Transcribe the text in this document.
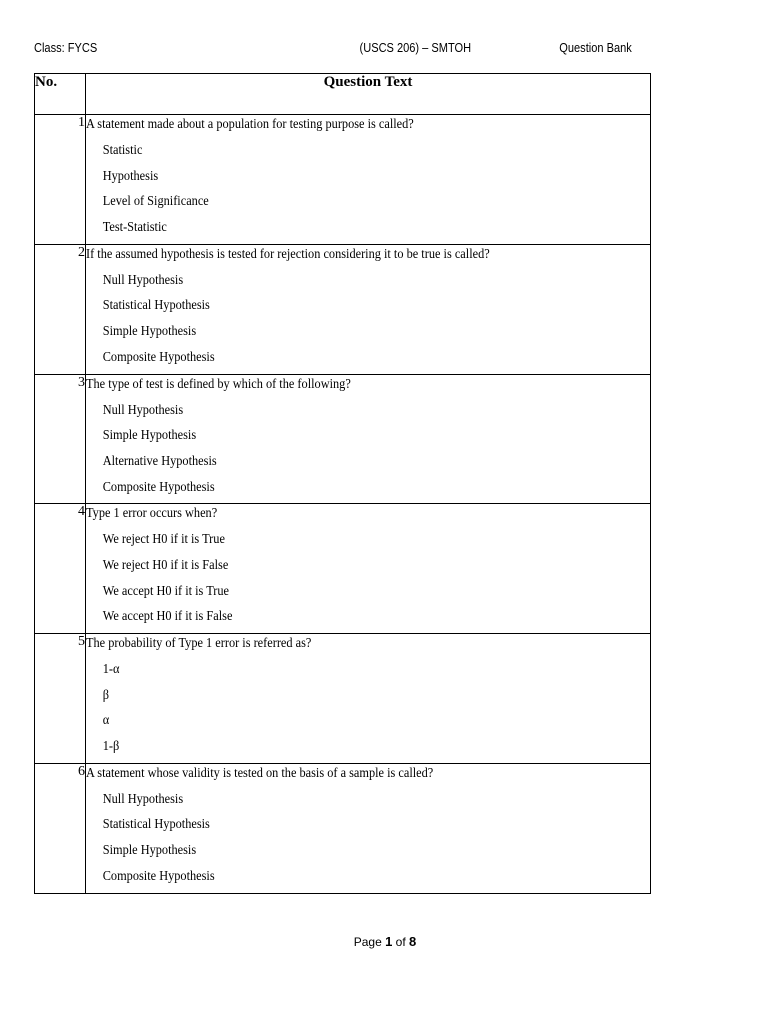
Class: FYCS	(USCS 206) – SMTOH	Question Bank
No.	Question Text
1	A statement made about a population for testing purpose is called?
Statistic
Hypothesis
Level of Significance
Test-Statistic

2	If the assumed hypothesis is tested for rejection considering it to be true is called?
Null Hypothesis
Statistical Hypothesis
Simple Hypothesis
Composite Hypothesis

3	The type of test is defined by which of the following?
Null Hypothesis
Simple Hypothesis
Alternative Hypothesis
Composite Hypothesis

4	Type 1 error occurs when?
We reject H0 if it is True
We reject H0 if it is False
We accept H0 if it is True
We accept H0 if it is False

5	The probability of Type 1 error is referred as?
1-α
β
α
1-β

6	A statement whose validity is tested on the basis of a sample is called?
Null Hypothesis
Statistical Hypothesis
Simple Hypothesis
Composite Hypothesis
Page 1 of 8
